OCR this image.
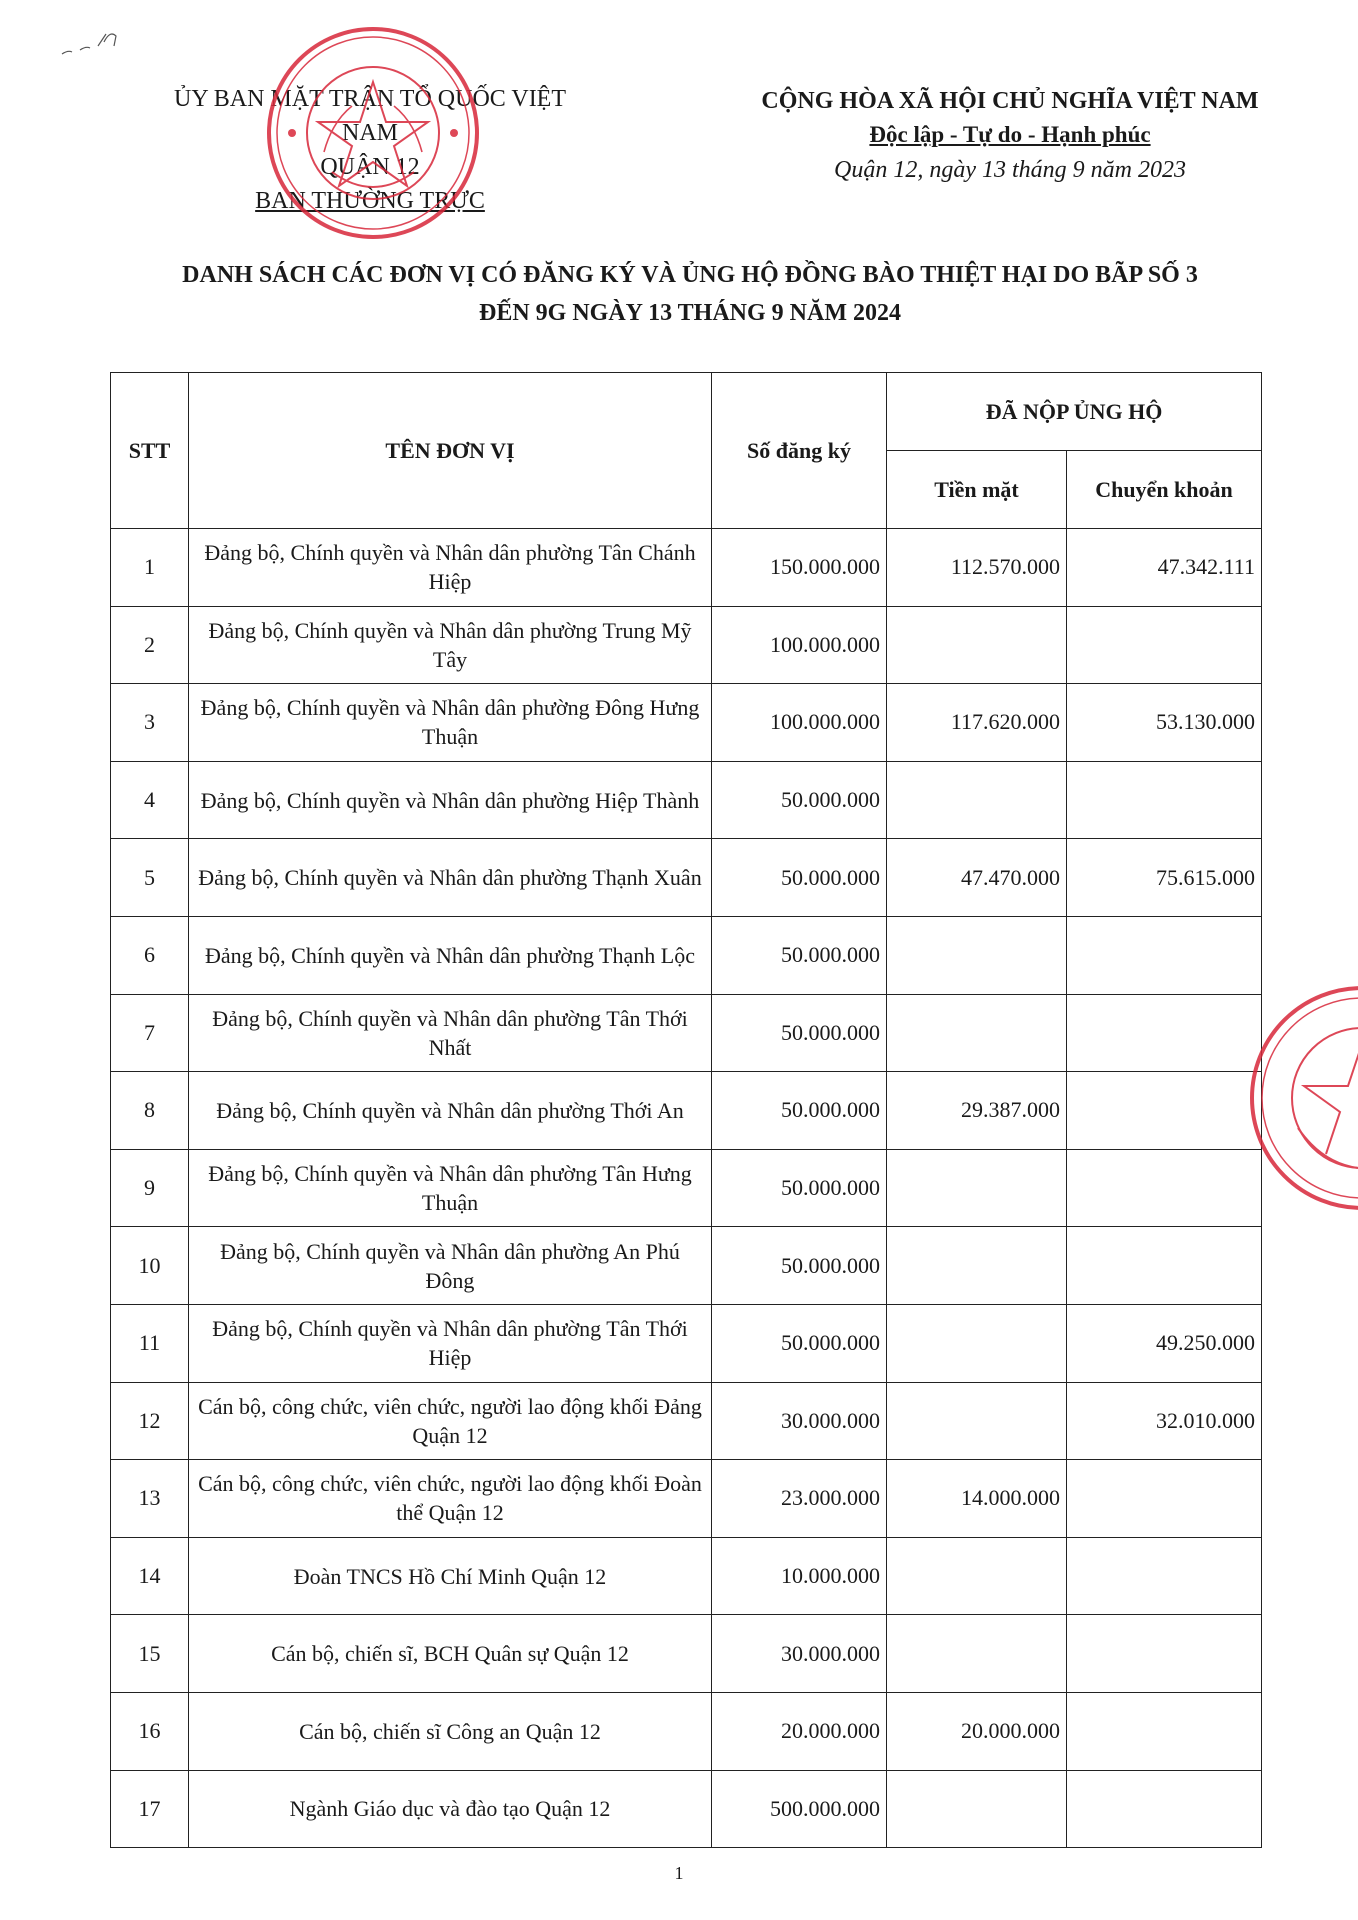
ỦY BAN MẶT TRẬN TỔ QUỐC VIỆT NAM
QUẬN 12
BAN THƯỜNG TRỰC
CỘNG HÒA XÃ HỘI CHỦ NGHĨA VIỆT NAM
Độc lập - Tự do - Hạnh phúc
Quận 12, ngày 13 tháng 9 năm 2023
DANH SÁCH CÁC ĐƠN VỊ CÓ ĐĂNG KÝ VÀ ỦNG HỘ ĐỒNG BÀO THIỆT HẠI DO BÃP SỐ 3
ĐẾN 9G NGÀY 13 THÁNG 9 NĂM 2024
STT	TÊN ĐƠN VỊ	Số đăng ký	ĐÃ NỘP ỦNG HỘ	
			Tiền mặt	Chuyển khoản
1	Đảng bộ, Chính quyền và Nhân dân phường Tân Chánh Hiệp	150.000.000	112.570.000	47.342.111
2	Đảng bộ, Chính quyền và Nhân dân phường Trung Mỹ Tây	100.000.000		
3	Đảng bộ, Chính quyền và Nhân dân phường Đông Hưng Thuận	100.000.000	117.620.000	53.130.000
4	Đảng bộ, Chính quyền và Nhân dân phường Hiệp Thành	50.000.000		
5	Đảng bộ, Chính quyền và Nhân dân phường Thạnh Xuân	50.000.000	47.470.000	75.615.000
6	Đảng bộ, Chính quyền và Nhân dân phường Thạnh Lộc	50.000.000		
7	Đảng bộ, Chính quyền và Nhân dân phường Tân Thới Nhất	50.000.000		
8	Đảng bộ, Chính quyền và Nhân dân phường Thới An	50.000.000	29.387.000	
9	Đảng bộ, Chính quyền và Nhân dân phường Tân Hưng Thuận	50.000.000		
10	Đảng bộ, Chính quyền và Nhân dân phường An Phú Đông	50.000.000		
11	Đảng bộ, Chính quyền và Nhân dân phường Tân Thới Hiệp	50.000.000		49.250.000
12	Cán bộ, công chức, viên chức, người lao động khối Đảng Quận 12	30.000.000		32.010.000
13	Cán bộ, công chức, viên chức, người lao động khối Đoàn thể Quận 12	23.000.000	14.000.000	
14	Đoàn TNCS Hồ Chí Minh Quận 12	10.000.000		
15	Cán bộ, chiến sĩ, BCH Quân sự Quận 12	30.000.000		
16	Cán bộ, chiến sĩ Công an Quận 12	20.000.000	20.000.000	
17	Ngành Giáo dục và đào tạo Quận 12	500.000.000		
1
